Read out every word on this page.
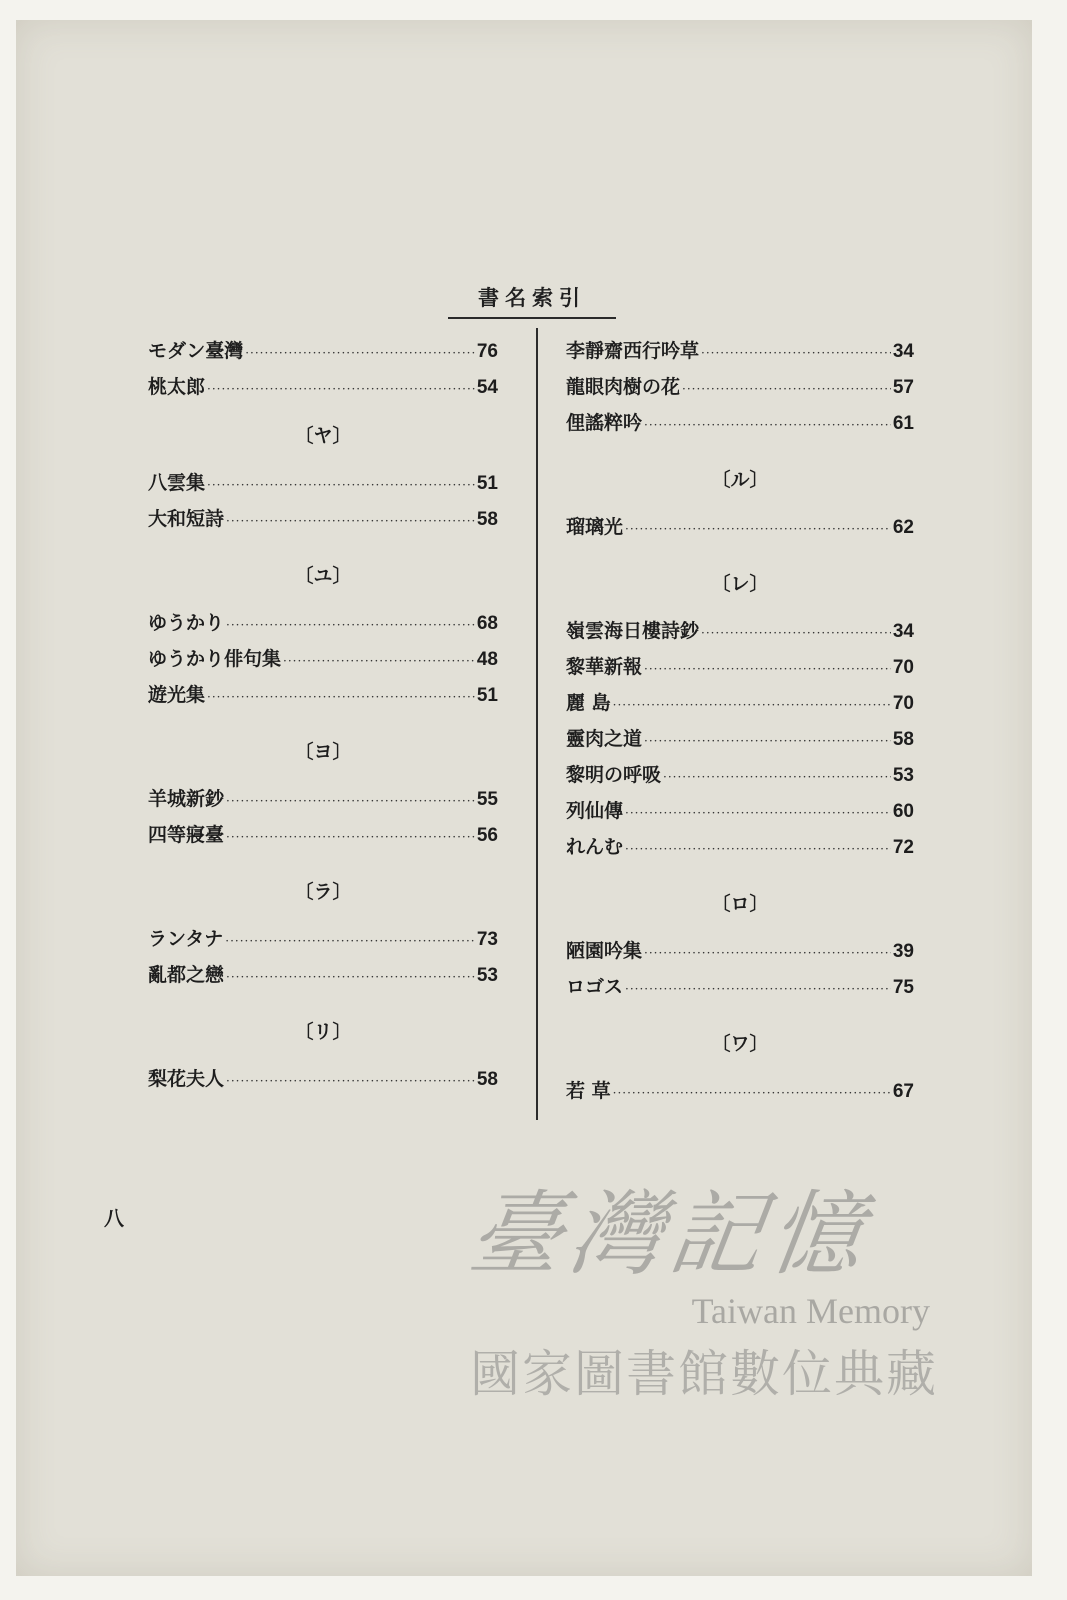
書名索引
モダン臺灣 ·····	76
桃太郎 ·····	54
〔ヤ〕
八雲集 ·····	51
大和短詩 ·····	58
〔ユ〕
ゆうかり ·····	68
ゆうかり俳句集 ·····	48
遊光集 ·····	51
〔ヨ〕
羊城新鈔 ·····	55
四等寢臺 ·····	56
〔ラ〕
ランタナ ·····	73
亂都之戀 ·····	53
〔リ〕
梨花夫人 ·····	58
李靜齋西行吟草 ·····	34
龍眼肉樹の花 ·····	57
俚謠粹吟 ·····	61
〔ル〕
瑠璃光 ·····	62
〔レ〕
嶺雲海日樓詩鈔 ·····	34
黎華新報 ·····	70
麗 島 ·····	70
靈肉之道 ·····	58
黎明の呼吸 ·····	53
列仙傳 ·····	60
れんむ ·····	72
〔ロ〕
陋園吟集 ·····	39
ロゴス ·····	75
〔ワ〕
若 草 ·····	67
八	臺灣記憶
Taiwan Memory
國家圖書館數位典藏
